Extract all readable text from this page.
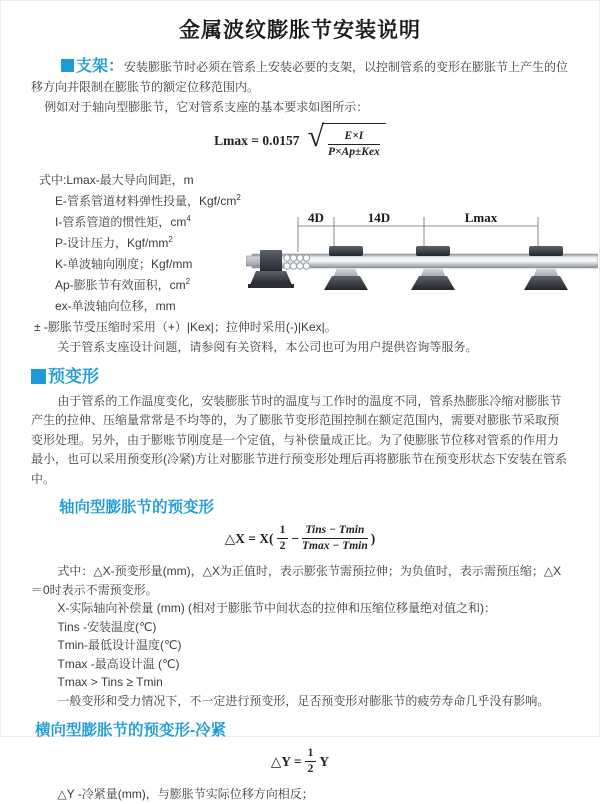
金属波纹膨胀节安装说明

支架：安装膨胀节时必须在管系上安装必要的支架，以控制管系的变形在膨胀节上产生的位移方向并限制在膨胀节的额定位移范围内。

例如对于轴向型膨胀节，它对管系支座的基本要求如图所示：

Lmax = 0.0157 √ $\frac{E\times I}{\text{P×Ap±Kex}}$
式中:Lmax-最大导向间距，m
E-管系管道材料弹性投量，Kgf/$cm^2$
I-管系管道的惯性矩，$cm^4$
P-设计压力，Kgf/$mm^2$
K-单波轴向刚度；Kgf/mm
Ap-膨胀节有效面积，$cm^2$
ex-单波轴向位移，mm
± -膨胀节受压缩时采用（+）|Kex|；拉伸时采用(-)|Kex|。
4D	14D	Lmax

关于管系支座设计问题，请参阅有关资料，本公司也可为用户提供咨询等服务。

预变形

由于管系的工作温度变化，安装膨胀节时的温度与工作时的温度不同，管系热膨胀冷缩对膨胀节产生的拉伸、压缩量常常是不均等的，为了膨胀节变形范围控制在额定范围内，需要对膨胀节采取预变形处理。另外，由于膨账节刚度是一个定值，与补偿量成正比。为了使膨胀节位移对管系的作用力最小，也可以采用预变形(冷紧)方让对膨胀节进行预变形处理后再将膨胀节在预变形状态下安装在管系中。

轴向型膨胀节的预变形
△X = $X( \frac{1}{2} - \frac{\text{Tins − Tmin}}{Tmax - Tmin}$ )

式中：△X-预变形量(mm)，△X为正值时，表示膨张节需预拉伸；为负值时，表示需预压缩；△X＝0时表示不需预变形。

X-实际轴向补偿量 (mm) (相对于膨胀节中间状态的拉伸和压缩位移量绝对值之和)：

Tins -安装温度(℃)

Tmin-最低设计温度(℃)

Tmax -最高设计温 (℃)

Tmax > Tins ≥ Tmin

一般变形和受力情况下，不一定进行预变形，足否预变形对膨胀节的疲劳寿命几乎没有影响。

横向型膨胀节的预变形-冷紧
△Y = $\frac{1}{2}$ Y

△Y -冷紧量(mm)，与膨胀节实际位移方向相反；
